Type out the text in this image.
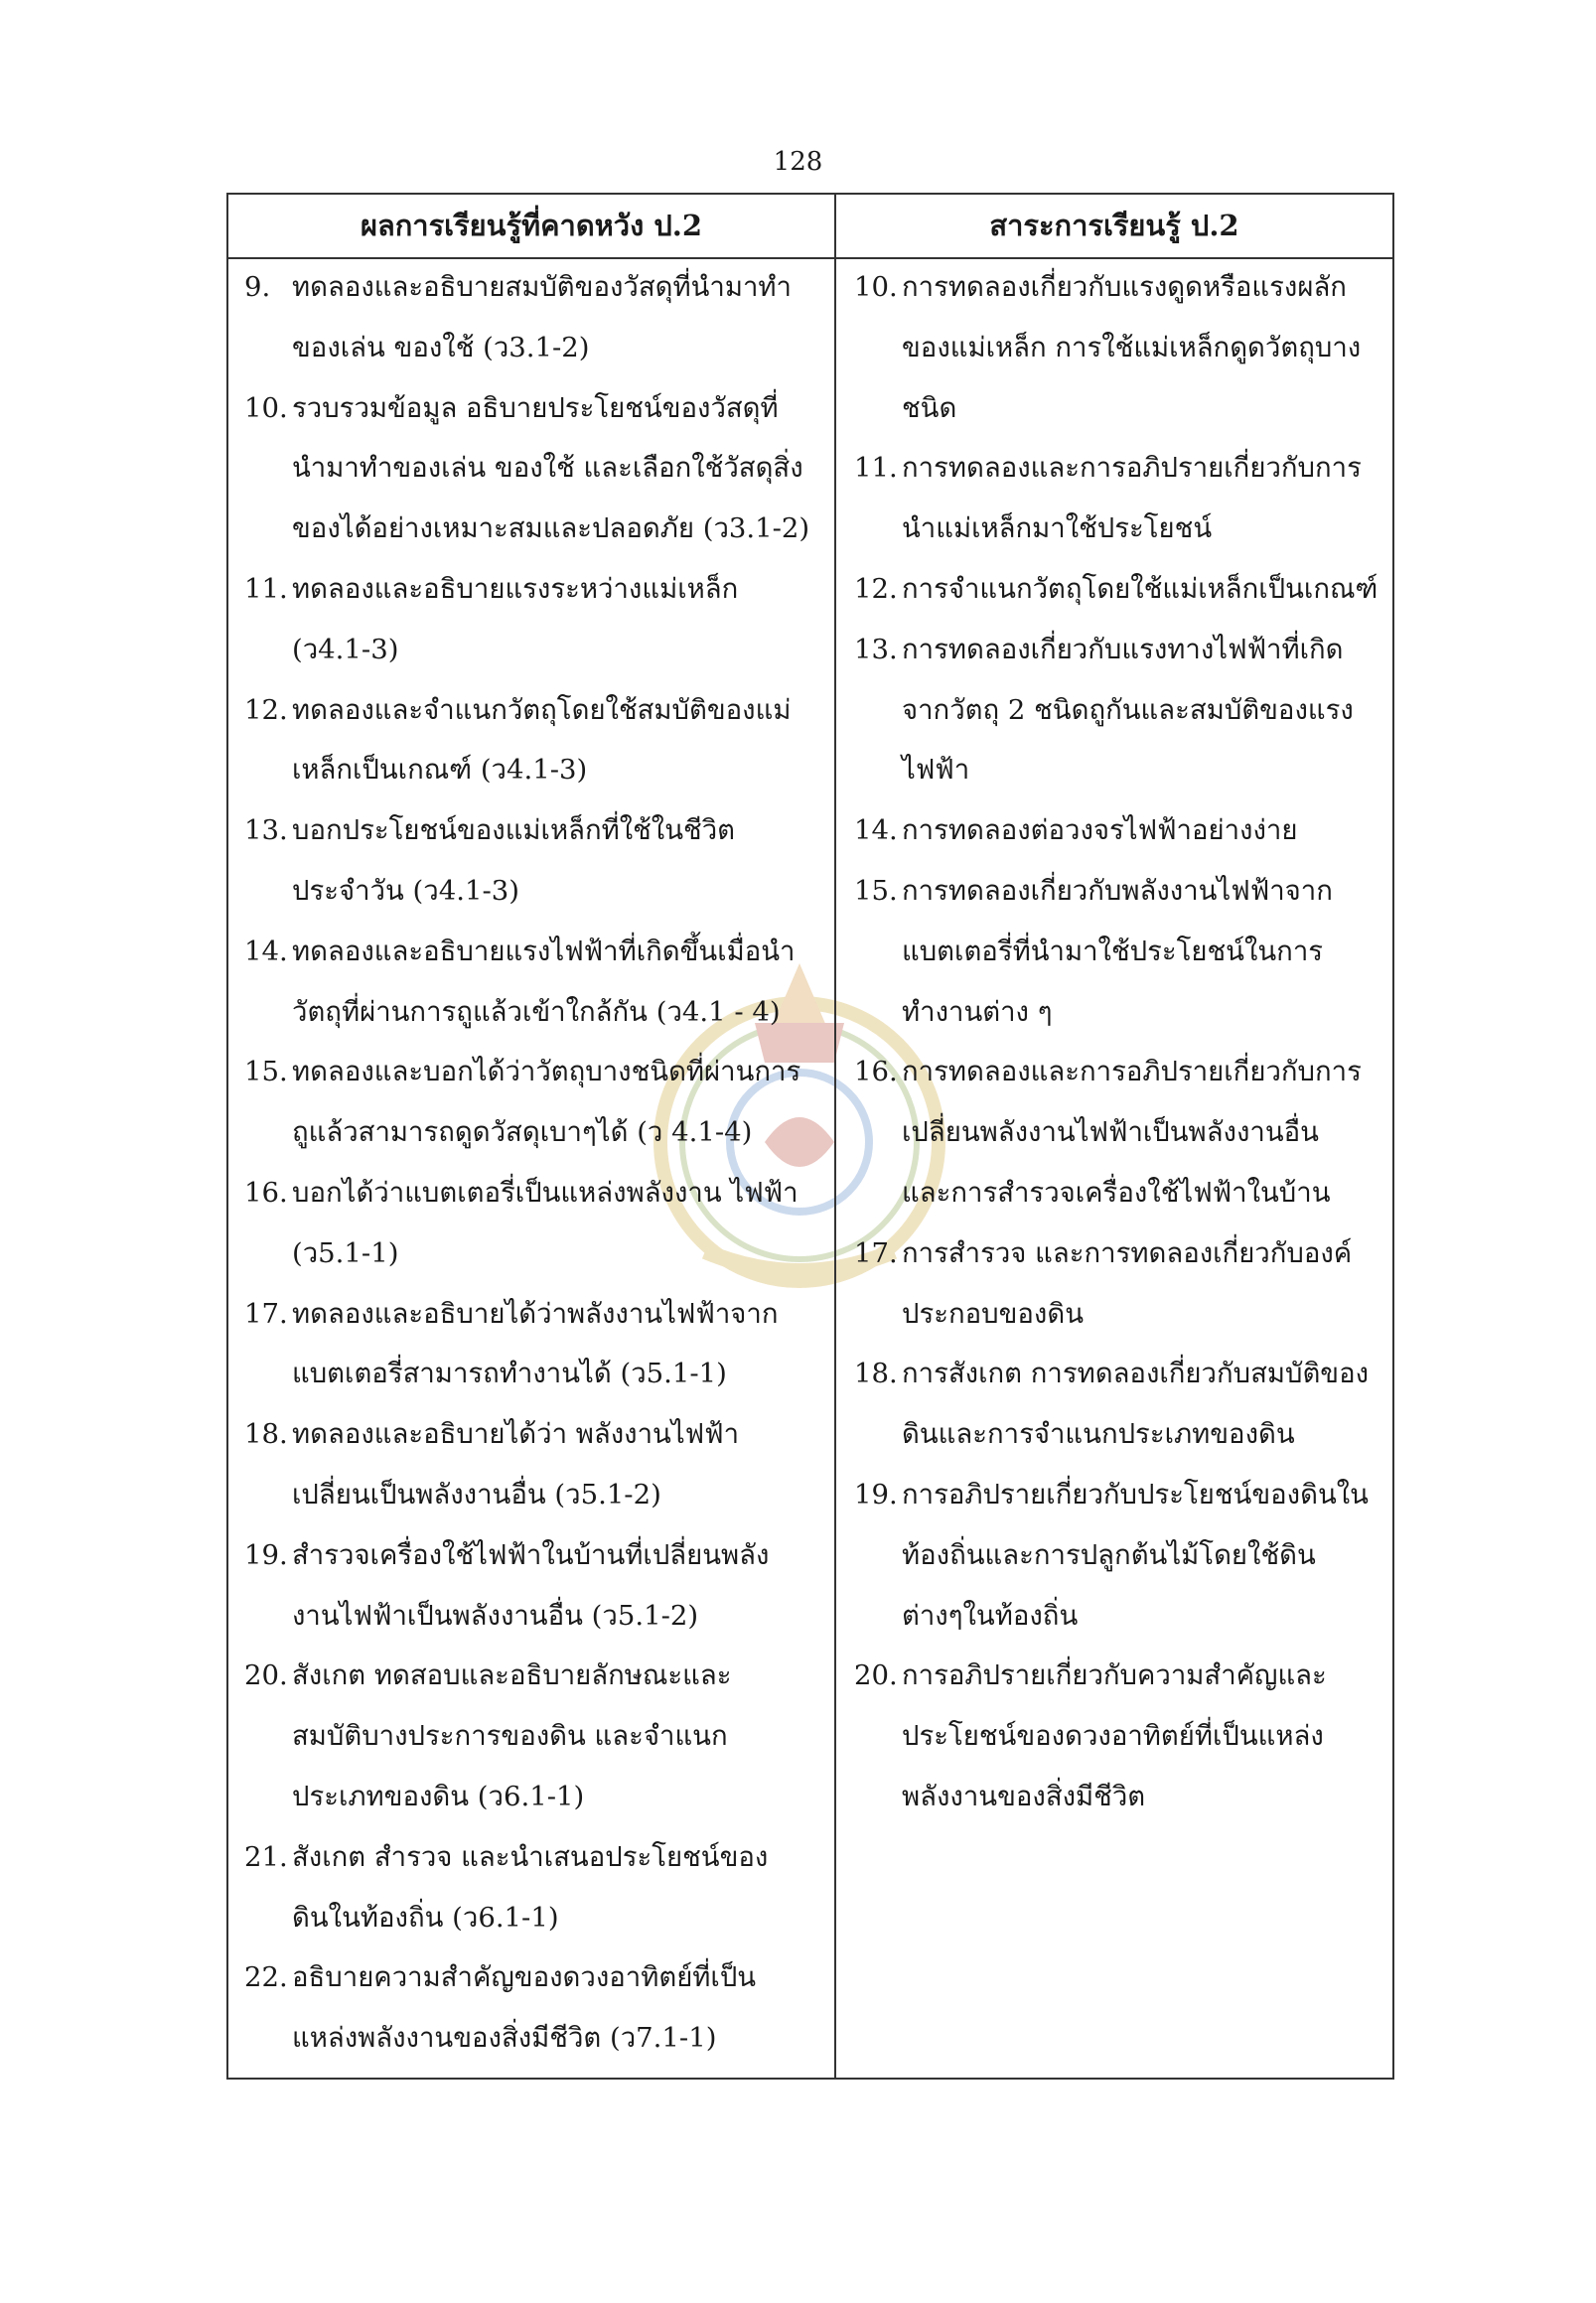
128
ผลการเรียนรู้ที่คาดหวัง ป.2	สาระการเรียนรู้ ป.2
9. ทดลองและอธิบายสมบัติของวัสดุที่นำมาทำ
ของเล่น ของใช้ (ว3.1-2)
10. รวบรวมข้อมูล อธิบายประโยชน์ของวัสดุที่
นำมาทำของเล่น ของใช้ และเลือกใช้วัสดุสิ่ง
ของได้อย่างเหมาะสมและปลอดภัย (ว3.1-2)
11. ทดลองและอธิบายแรงระหว่างแม่เหล็ก
(ว4.1-3)
12. ทดลองและจำแนกวัตถุโดยใช้สมบัติของแม่
เหล็กเป็นเกณฑ์ (ว4.1-3)
13. บอกประโยชน์ของแม่เหล็กที่ใช้ในชีวิต
ประจำวัน (ว4.1-3)
14. ทดลองและอธิบายแรงไฟฟ้าที่เกิดขึ้นเมื่อนำ
วัตถุที่ผ่านการถูแล้วเข้าใกล้กัน (ว4.1 - 4)
15. ทดลองและบอกได้ว่าวัตถุบางชนิดที่ผ่านการ
ถูแล้วสามารถดูดวัสดุเบาๆได้ (ว 4.1-4)
16. บอกได้ว่าแบตเตอรี่เป็นแหล่งพลังงาน ไฟฟ้า
(ว5.1-1)
17. ทดลองและอธิบายได้ว่าพลังงานไฟฟ้าจาก
แบตเตอรี่สามารถทำงานได้ (ว5.1-1)
18. ทดลองและอธิบายได้ว่า พลังงานไฟฟ้า
เปลี่ยนเป็นพลังงานอื่น (ว5.1-2)
19. สำรวจเครื่องใช้ไฟฟ้าในบ้านที่เปลี่ยนพลัง
งานไฟฟ้าเป็นพลังงานอื่น (ว5.1-2)
20. สังเกต ทดสอบและอธิบายลักษณะและ
สมบัติบางประการของดิน และจำแนก
ประเภทของดิน (ว6.1-1)
21. สังเกต สำรวจ และนำเสนอประโยชน์ของ
ดินในท้องถิ่น (ว6.1-1)
22. อธิบายความสำคัญของดวงอาทิตย์ที่เป็น
แหล่งพลังงานของสิ่งมีชีวิต (ว7.1-1)
10. การทดลองเกี่ยวกับแรงดูดหรือแรงผลัก
ของแม่เหล็ก การใช้แม่เหล็กดูดวัตถุบาง
ชนิด
11. การทดลองและการอภิปรายเกี่ยวกับการ
นำแม่เหล็กมาใช้ประโยชน์
12. การจำแนกวัตถุโดยใช้แม่เหล็กเป็นเกณฑ์
13. การทดลองเกี่ยวกับแรงทางไฟฟ้าที่เกิด
จากวัตถุ 2 ชนิดถูกันและสมบัติของแรง
ไฟฟ้า
14. การทดลองต่อวงจรไฟฟ้าอย่างง่าย
15. การทดลองเกี่ยวกับพลังงานไฟฟ้าจาก
แบตเตอรี่ที่นำมาใช้ประโยชน์ในการ
ทำงานต่าง ๆ
16. การทดลองและการอภิปรายเกี่ยวกับการ
เปลี่ยนพลังงานไฟฟ้าเป็นพลังงานอื่น
และการสำรวจเครื่องใช้ไฟฟ้าในบ้าน
17. การสำรวจ และการทดลองเกี่ยวกับองค์
ประกอบของดิน
18. การสังเกต การทดลองเกี่ยวกับสมบัติของ
ดินและการจำแนกประเภทของดิน
19. การอภิปรายเกี่ยวกับประโยชน์ของดินใน
ท้องถิ่นและการปลูกต้นไม้โดยใช้ดิน
ต่างๆในท้องถิ่น
20. การอภิปรายเกี่ยวกับความสำคัญและ
ประโยชน์ของดวงอาทิตย์ที่เป็นแหล่ง
พลังงานของสิ่งมีชีวิต
